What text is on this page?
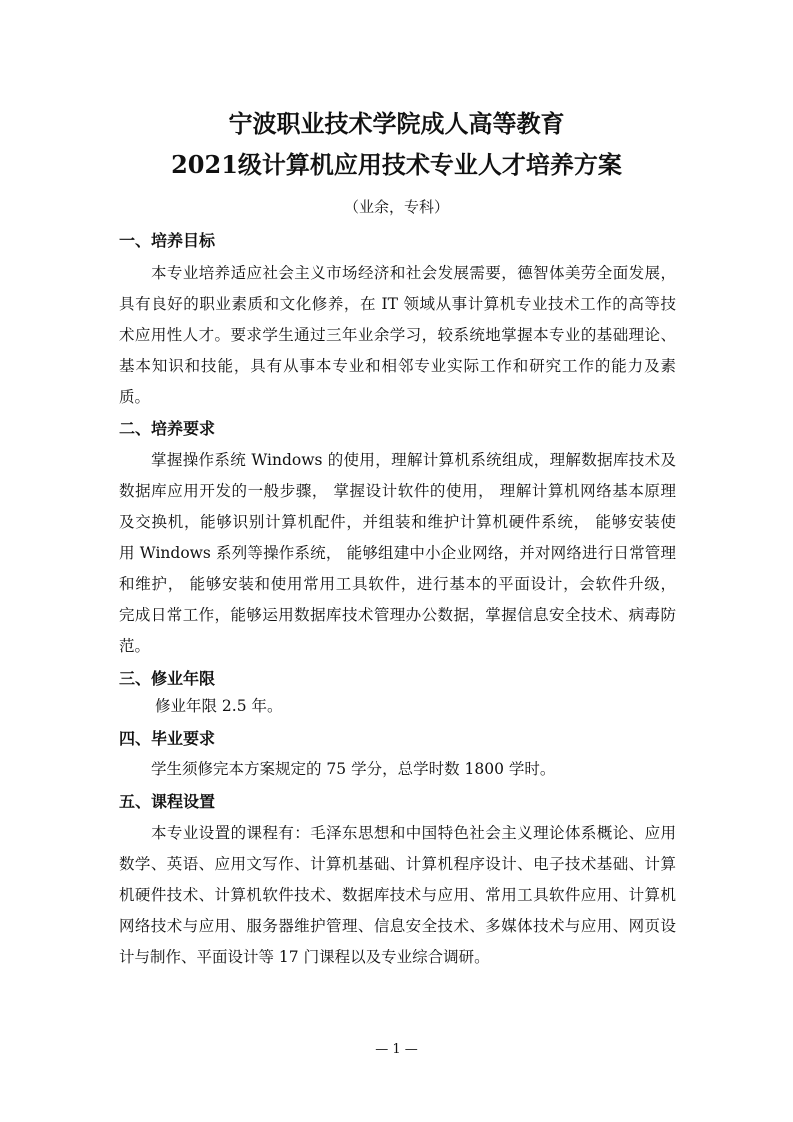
宁波职业技术学院成人高等教育
2021级计算机应用技术专业人才培养方案
（业余，专科）
一、培养目标
本专业培养适应社会主义市场经济和社会发展需要，德智体美劳全面发展，
具有良好的职业素质和文化修养，在 IT 领域从事计算机专业技术工作的高等技
术应用性人才。要求学生通过三年业余学习，较系统地掌握本专业的基础理论、
基本知识和技能，具有从事本专业和相邻专业实际工作和研究工作的能力及素
质。
二、培养要求
掌握操作系统 Windows 的使用，理解计算机系统组成，理解数据库技术及
数据库应用开发的一般步骤， 掌握设计软件的使用， 理解计算机网络基本原理
及交换机，能够识别计算机配件，并组装和维护计算机硬件系统， 能够安装使
用 Windows 系列等操作系统， 能够组建中小企业网络，并对网络进行日常管理
和维护， 能够安装和使用常用工具软件，进行基本的平面设计，会软件升级，
完成日常工作，能够运用数据库技术管理办公数据，掌握信息安全技术、病毒防
范。
三、修业年限
修业年限 2.5 年。
四、毕业要求
学生须修完本方案规定的 75 学分，总学时数 1800 学时。
五、课程设置
本专业设置的课程有：毛泽东思想和中国特色社会主义理论体系概论、应用
数学、英语、应用文写作、计算机基础、计算机程序设计、电子技术基础、计算
机硬件技术、计算机软件技术、数据库技术与应用、常用工具软件应用、计算机
网络技术与应用、服务器维护管理、信息安全技术、多媒体技术与应用、网页设
计与制作、平面设计等 17 门课程以及专业综合调研。
— 1 —
